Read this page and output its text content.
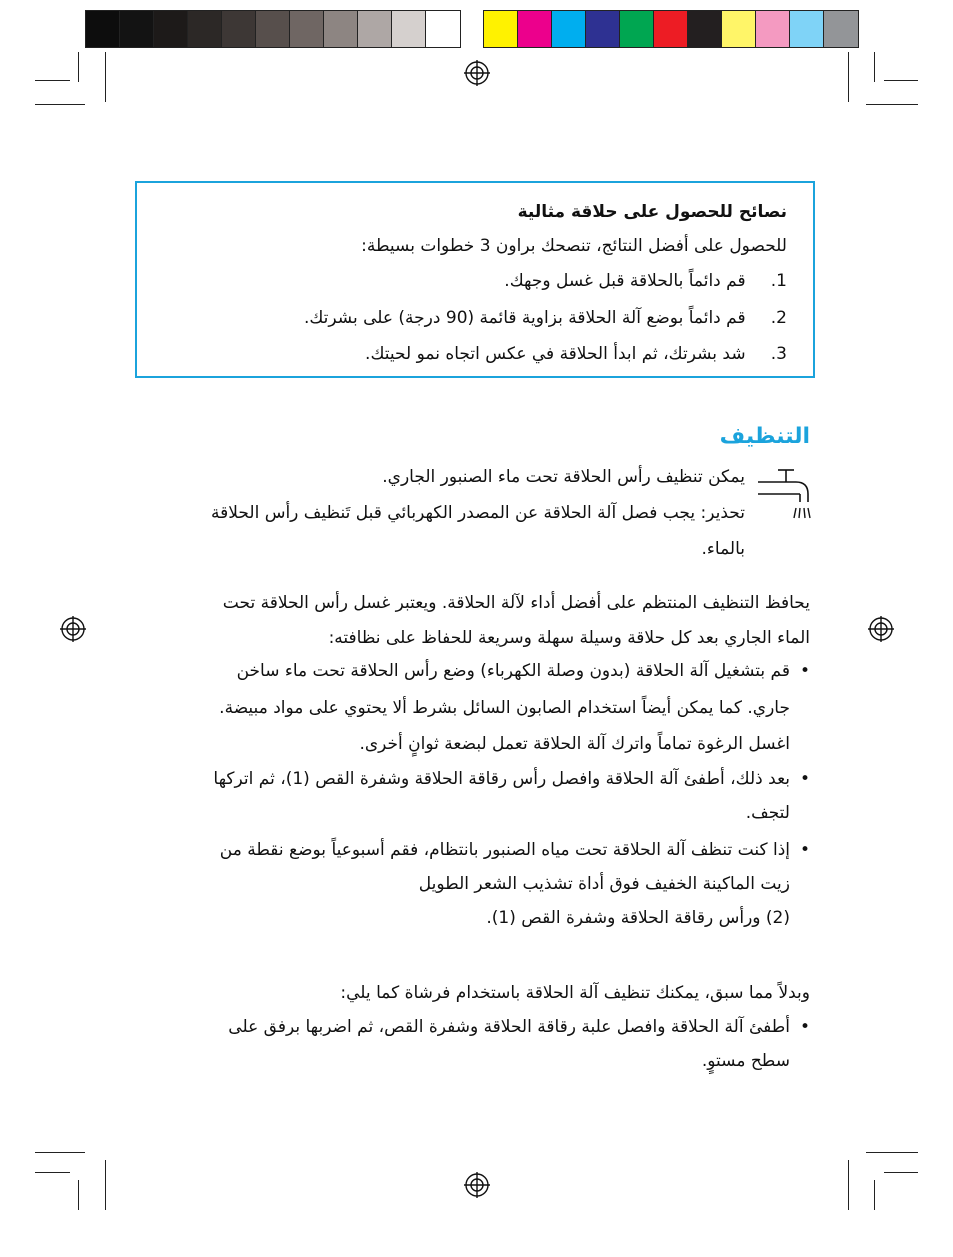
نصائح للحصول على حلاقة مثالية
للحصول على أفضل النتائج، تنصحك براون 3 خطوات بسيطة:
1. قم دائماً بالحلاقة قبل غسل وجهك.
2. قم دائماً بوضع آلة الحلاقة بزاوية قائمة (90 درجة) على بشرتك.
3. شد بشرتك، ثم ابدأ الحلاقة في عكس اتجاه نمو لحيتك.
التنظيف
يمكن تنظيف رأس الحلاقة تحت ماء الصنبور الجاري.
تحذير: يجب فصل آلة الحلاقة عن المصدر الكهربائي قبل تَنظيف رأس الحلاقة
بالماء.
يحافظ التنظيف المنتظم على أفضل أداء لآلة الحلاقة. ويعتبر غسل رأس الحلاقة تحت
الماء الجاري بعد كل حلاقة وسيلة سهلة وسريعة للحفاظ على نظافته:
•
قم بتشغيل آلة الحلاقة (بدون وصلة الكهرباء) وضع رأس الحلاقة تحت ماء ساخن
جاري. كما يمكن أيضاً استخدام الصابون السائل بشرط ألا يحتوي على مواد مبيضة.
اغسل الرغوة تماماً واترك آلة الحلاقة تعمل لبضعة ثوانٍ أخرى.
•
بعد ذلك، أطفئ آلة الحلاقة وافصل رأس رقاقة الحلاقة وشفرة القص (1)، ثم اتركها
لتجف.
•
إذا كنت تنظف آلة الحلاقة تحت مياه الصنبور بانتظام، فقم أسبوعياً بوضع نقطة من
زيت الماكينة الخفيف فوق أداة تشذيب الشعر الطويل
(2) ورأس رقاقة الحلاقة وشفرة القص (1).
وبدلاً مما سبق، يمكنك تنظيف آلة الحلاقة باستخدام فرشاة كما يلي:
•
أطفئ آلة الحلاقة وافصل علبة رقاقة الحلاقة وشفرة القص، ثم اضربها برفق على
سطح مستوٍ.
